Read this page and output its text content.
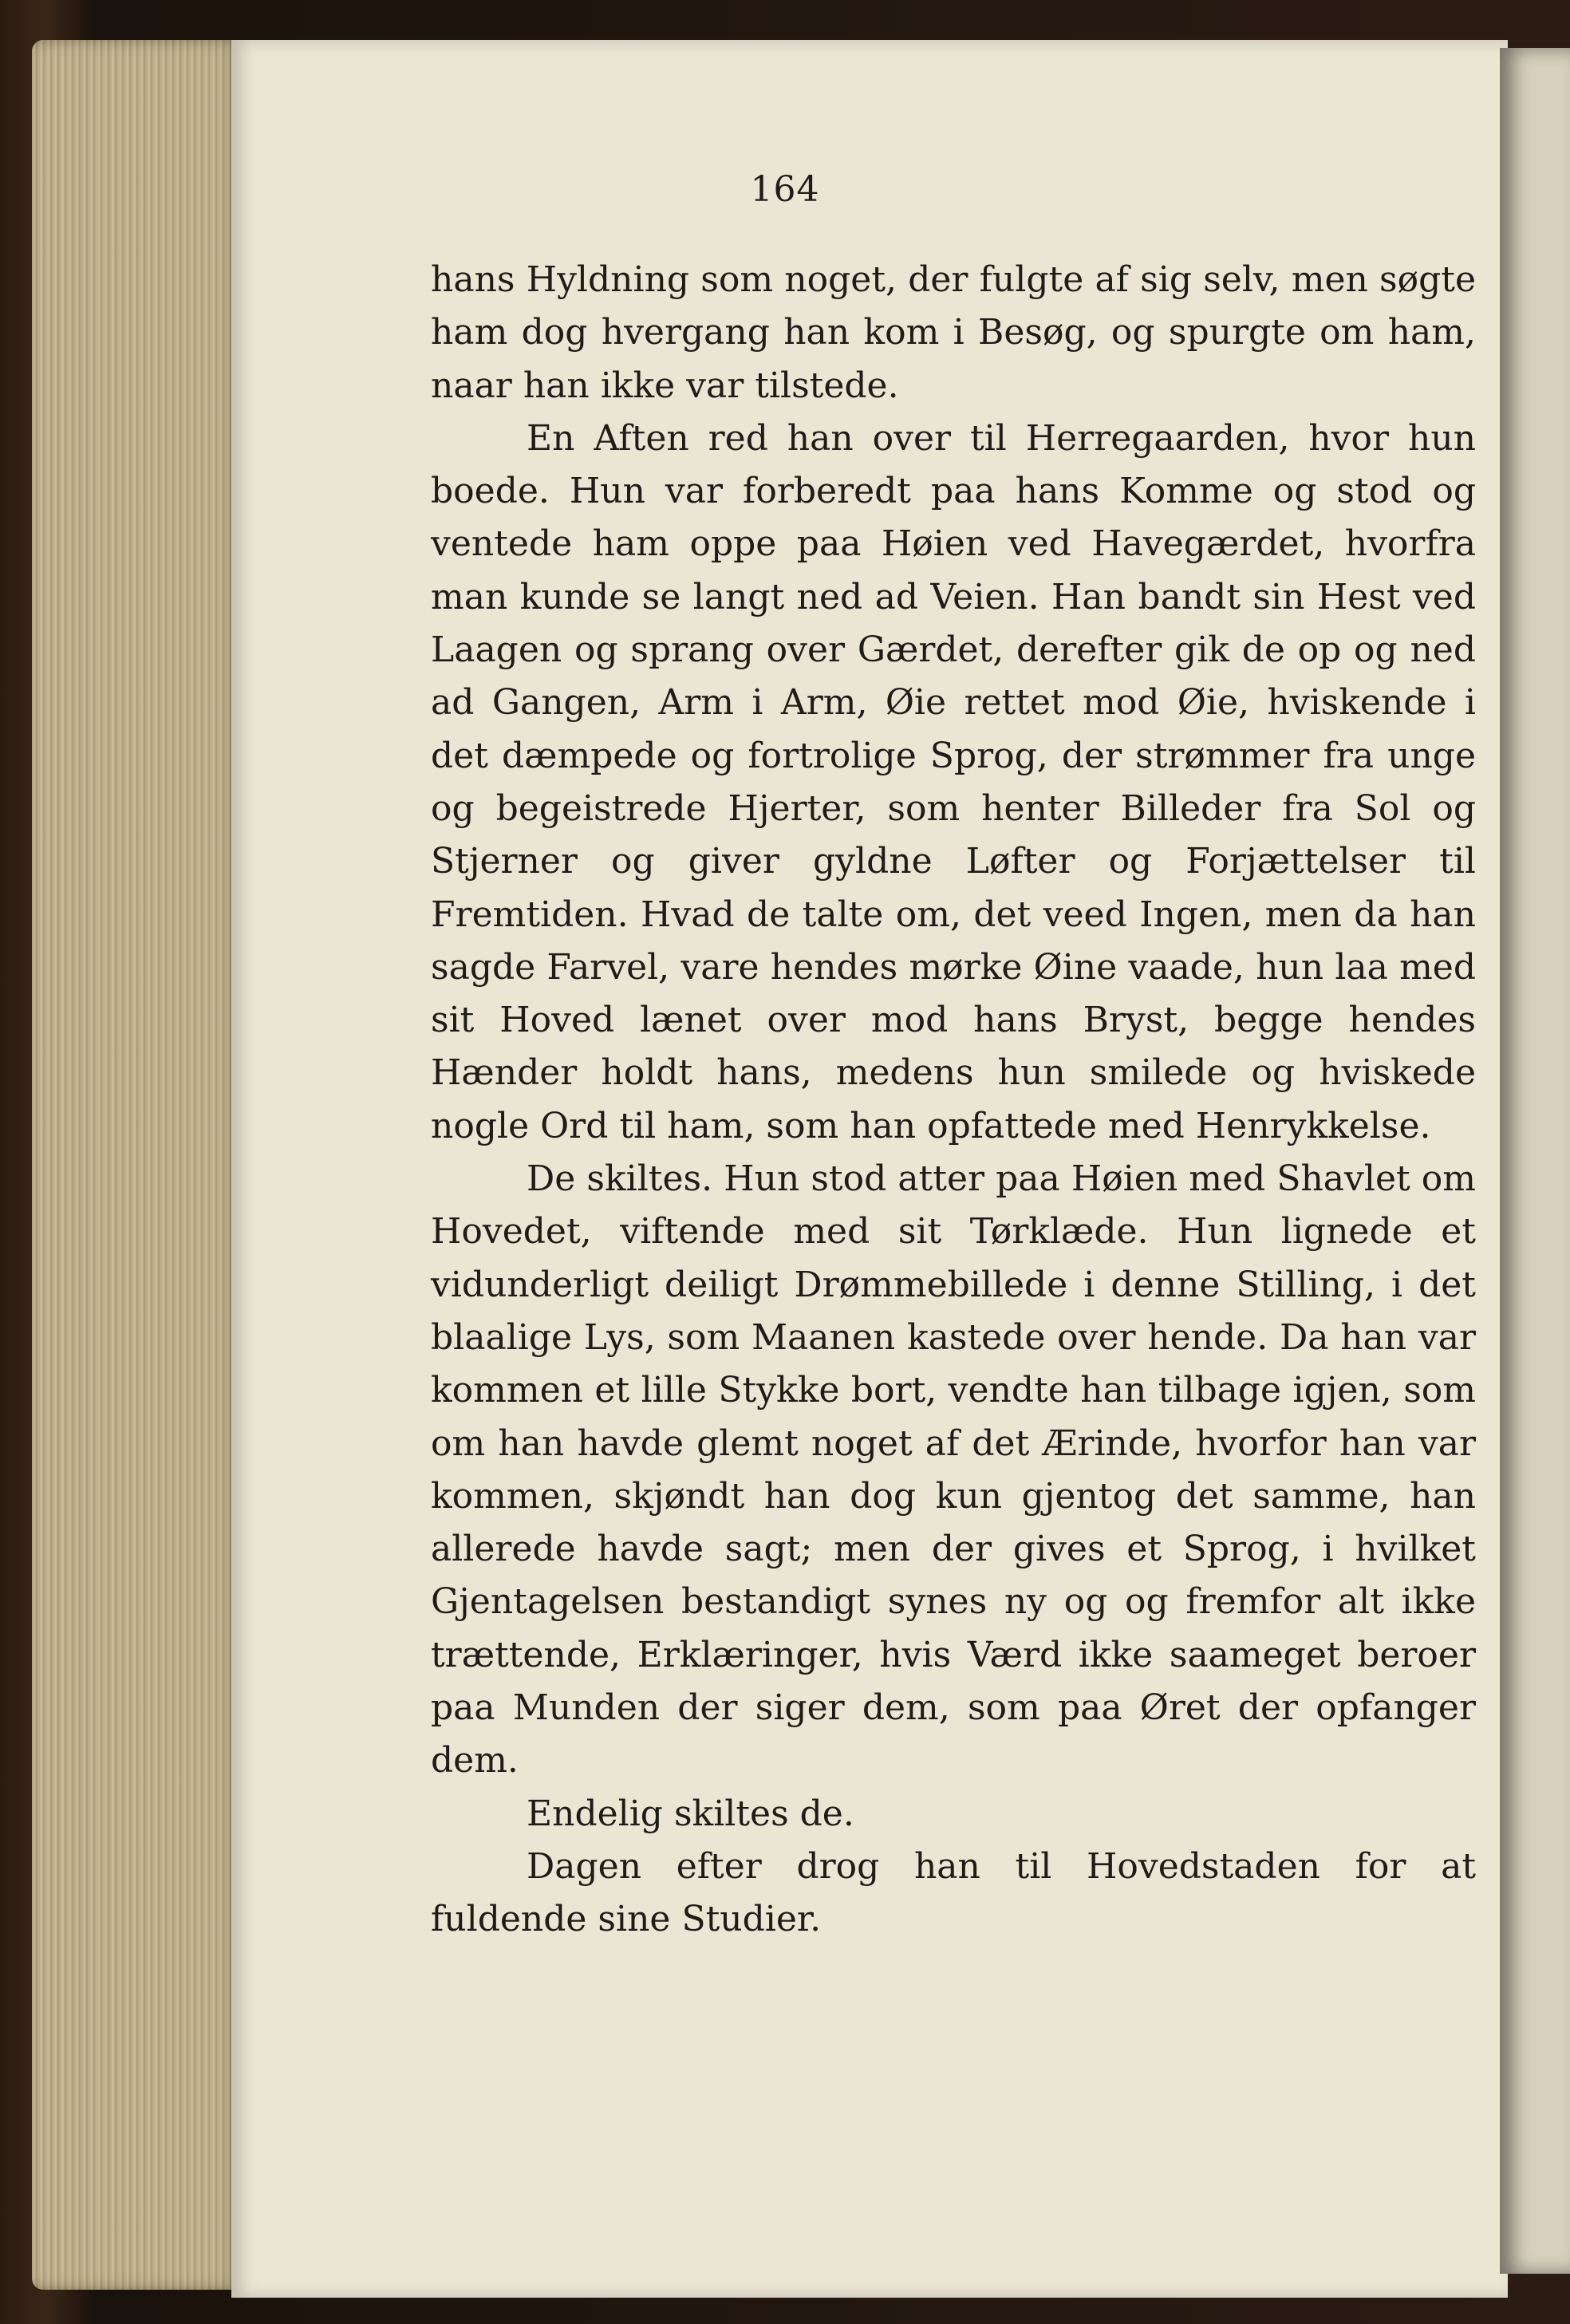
164

hans Hyldning som noget, der fulgte af sig selv, men søgte ham dog hvergang han kom i Besøg, og spurgte om ham, naar han ikke var tilstede.

En Aften red han over til Herregaarden, hvor hun boede. Hun var forberedt paa hans Komme og stod og ventede ham oppe paa Høien ved Havegærdet, hvorfra man kunde se langt ned ad Veien. Han bandt sin Hest ved Laagen og sprang over Gærdet, derefter gik de op og ned ad Gangen, Arm i Arm, Øie rettet mod Øie, hviskende i det dæmpede og fortrolige Sprog, der strømmer fra unge og begeistrede Hjerter, som henter Billeder fra Sol og Stjerner og giver gyldne Løfter og Forjættelser til Fremtiden. Hvad de talte om, det veed Ingen, men da han sagde Farvel, vare hendes mørke Øine vaade, hun laa med sit Hoved lænet over mod hans Bryst, begge hendes Hænder holdt hans, medens hun smilede og hviskede nogle Ord til ham, som han opfattede med Henrykkelse.

De skiltes. Hun stod atter paa Høien med Shavlet om Hovedet, viftende med sit Tørklæde. Hun lignede et vidunderligt deiligt Drømmebillede i denne Stilling, i det blaalige Lys, som Maanen kastede over hende. Da han var kommen et lille Stykke bort, vendte han tilbage igjen, som om han havde glemt noget af det Ærinde, hvorfor han var kommen, skjøndt han dog kun gjentog det samme, han allerede havde sagt; men der gives et Sprog, i hvilket Gjentagelsen bestandigt synes ny og og fremfor alt ikke trættende, Erklæringer, hvis Værd ikke saameget beroer paa Munden der siger dem, som paa Øret der opfanger dem.

Endelig skiltes de.

Dagen efter drog han til Hovedstaden for at fuldende sine Studier.
